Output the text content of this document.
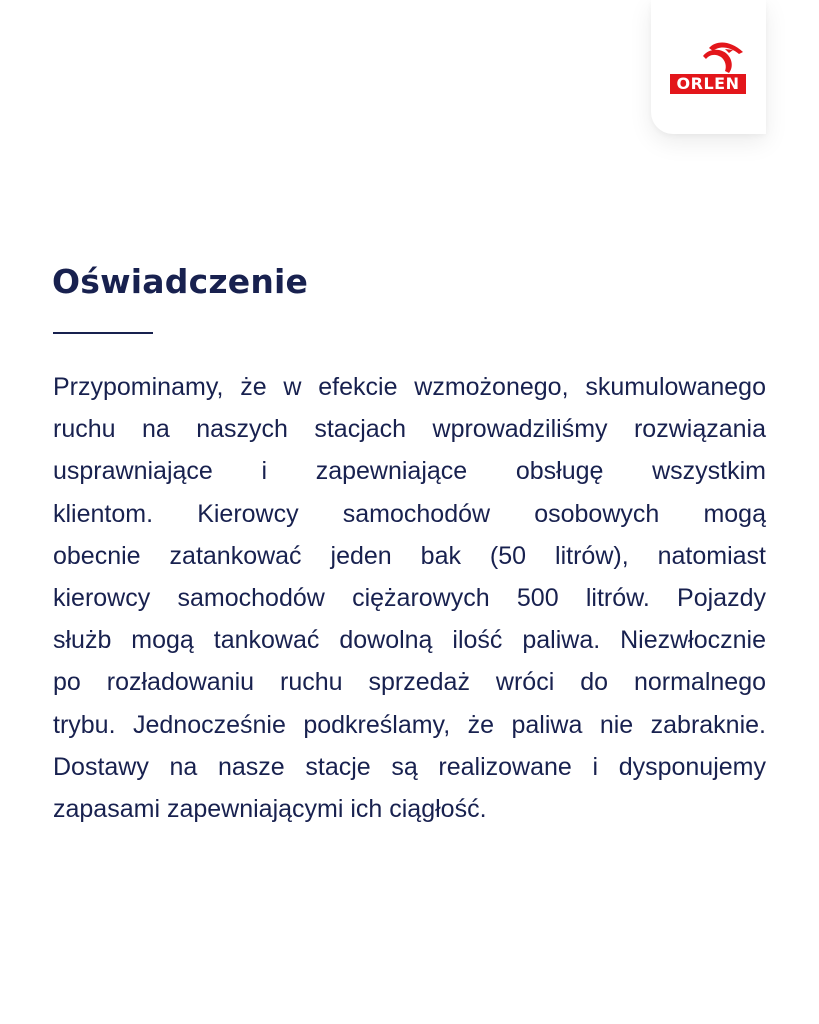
ORLEN
Oświadczenie
Przypominamy, że w efekcie wzmożonego, skumulowanego
ruchu na naszych stacjach wprowadziliśmy rozwiązania
usprawniające i zapewniające obsługę wszystkim
klientom. Kierowcy samochodów osobowych mogą
obecnie zatankować jeden bak (50 litrów), natomiast
kierowcy samochodów ciężarowych 500 litrów. Pojazdy
służb mogą tankować dowolną ilość paliwa. Niezwłocznie
po rozładowaniu ruchu sprzedaż wróci do normalnego
trybu. Jednocześnie podkreślamy, że paliwa nie zabraknie.
Dostawy na nasze stacje są realizowane i dysponujemy
zapasami zapewniającymi ich ciągłość.
